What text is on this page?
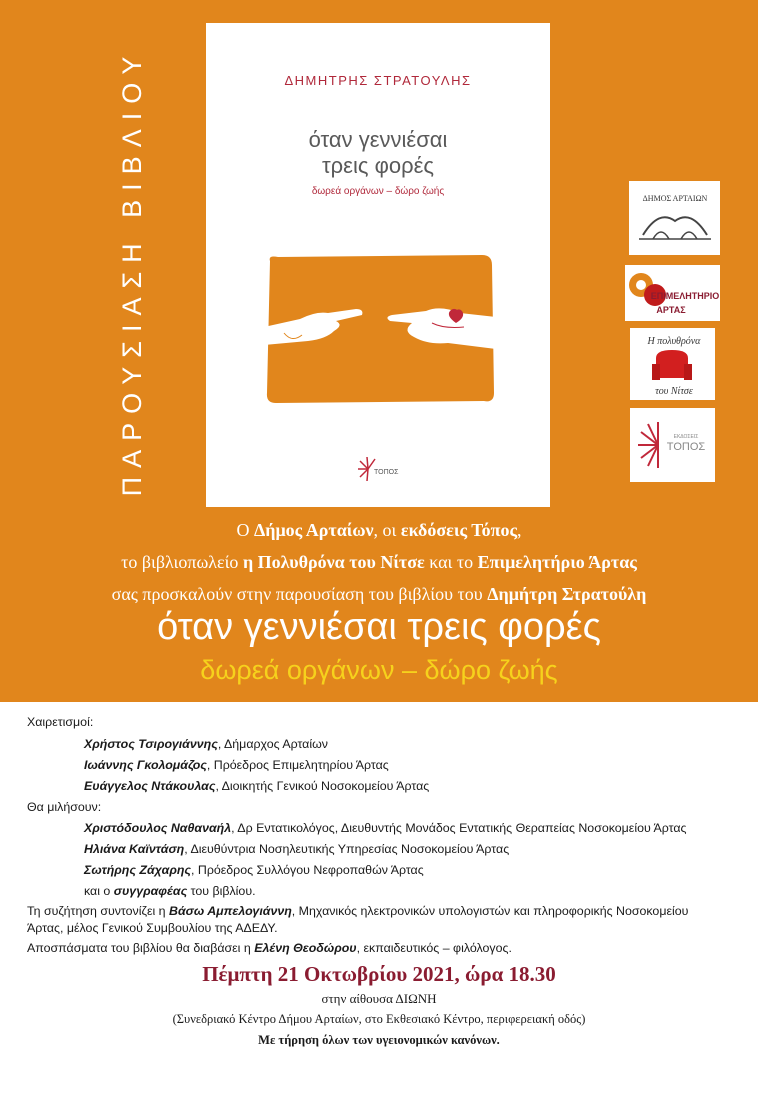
ΠΑΡΟΥΣΙΑΣΗ ΒΙΒΛΙΟΥ	ΔΗΜΗΤΡΗΣ ΣΤΡΑΤΟΥΛΗΣ
όταν γεννιέσαι
τρεις φορές
δωρεά οργάνων – δώρο ζωής
ΤΟΠΟΣ
ΔΗΜΟΣ ΑΡΤΑΙΩΝ
ΕΠΙΜΕΛΗΤΗΡΙΟ
ΑΡΤΑΣ
Η πολυθρόνα
του Νίτσε
ΕΚΔΟΣΕΙΣ
ΤΟΠΟΣ
Ο Δήμος Αρταίων, οι εκδόσεις Τόπος,
το βιβλιοπωλείο η Πολυθρόνα του Νίτσε και το Επιμελητήριο Άρτας
σας προσκαλούν στην παρουσίαση του βιβλίου του Δημήτρη Στρατούλη
όταν γεννιέσαι τρεις φορές
δωρεά οργάνων – δώρο ζωής
Χαιρετισμοί:
Χρήστος Τσιρογιάννης, Δήμαρχος Αρταίων
Ιωάννης Γκολομάζος, Πρόεδρος Επιμελητηρίου Άρτας
Ευάγγελος Ντάκουλας, Διοικητής Γενικού Νοσοκομείου Άρτας
Θα μιλήσουν:
Χριστόδουλος Ναθαναήλ, Δρ Εντατικολόγος, Διευθυντής Μονάδος Εντατικής Θεραπείας Νοσοκομείου Άρτας
Ηλιάνα Καϊντάση, Διευθύντρια Νοσηλευτικής Υπηρεσίας Νοσοκομείου Άρτας
Σωτήρης Ζάχαρης, Πρόεδρος Συλλόγου Νεφροπαθών Άρτας
και ο συγγραφέας του βιβλίου.
Τη συζήτηση συντονίζει η Βάσω Αμπελογιάννη, Μηχανικός ηλεκτρονικών υπολογιστών και πληροφορικής Νοσοκομείου
Άρτας, μέλος Γενικού Συμβουλίου της ΑΔΕΔΥ.
Αποσπάσματα του βιβλίου θα διαβάσει η Ελένη Θεοδώρου, εκπαιδευτικός – φιλόλογος.
Πέμπτη 21 Οκτωβρίου 2021, ώρα 18.30
στην αίθουσα ΔΙΩΝΗ
(Συνεδριακό Κέντρο Δήμου Αρταίων, στο Εκθεσιακό Κέντρο, περιφερειακή οδός)
Με τήρηση όλων των υγειονομικών κανόνων.
